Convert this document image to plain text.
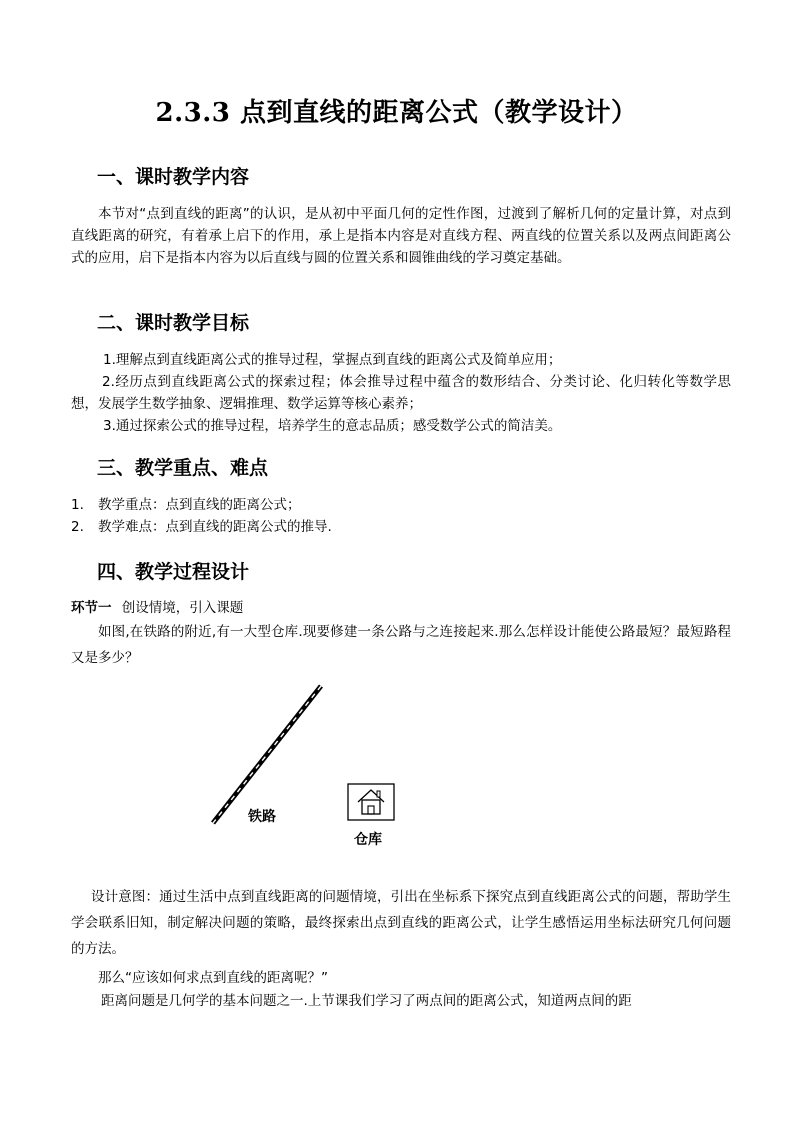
2.3.3 点到直线的距离公式（教学设计）
一、课时教学内容
本节对“点到直线的距离”的认识，是从初中平面几何的定性作图，过渡到了解析几何的定量计算，对点到直线距离的研究，有着承上启下的作用，承上是指本内容是对直线方程、两直线的位置关系以及两点间距离公式的应用，启下是指本内容为以后直线与圆的位置关系和圆锥曲线的学习奠定基础。
二、课时教学目标
1.理解点到直线距离公式的推导过程，掌握点到直线的距离公式及简单应用；
2.经历点到直线距离公式的探索过程；体会推导过程中蕴含的数形结合、分类讨论、化归转化等数学思想，发展学生数学抽象、逻辑推理、数学运算等核心素养；
3.通过探索公式的推导过程，培养学生的意志品质；感受数学公式的简洁美。
三、教学重点、难点
1. 教学重点：点到直线的距离公式；
2. 教学难点：点到直线的距离公式的推导.
四、教学过程设计
环节一 创设情境，引入课题
如图,在铁路的附近,有一大型仓库.现要修建一条公路与之连接起来.那么怎样设计能使公路最短？最短路程又是多少？
铁路
仓库
设计意图：通过生活中点到直线距离的问题情境，引出在坐标系下探究点到直线距离公式的问题，帮助学生学会联系旧知，制定解决问题的策略，最终探索出点到直线的距离公式，让学生感悟运用坐标法研究几何问题的方法。
那么“应该如何求点到直线的距离呢？”
距离问题是几何学的基本问题之一.上节课我们学习了两点间的距离公式，知道两点间的距
